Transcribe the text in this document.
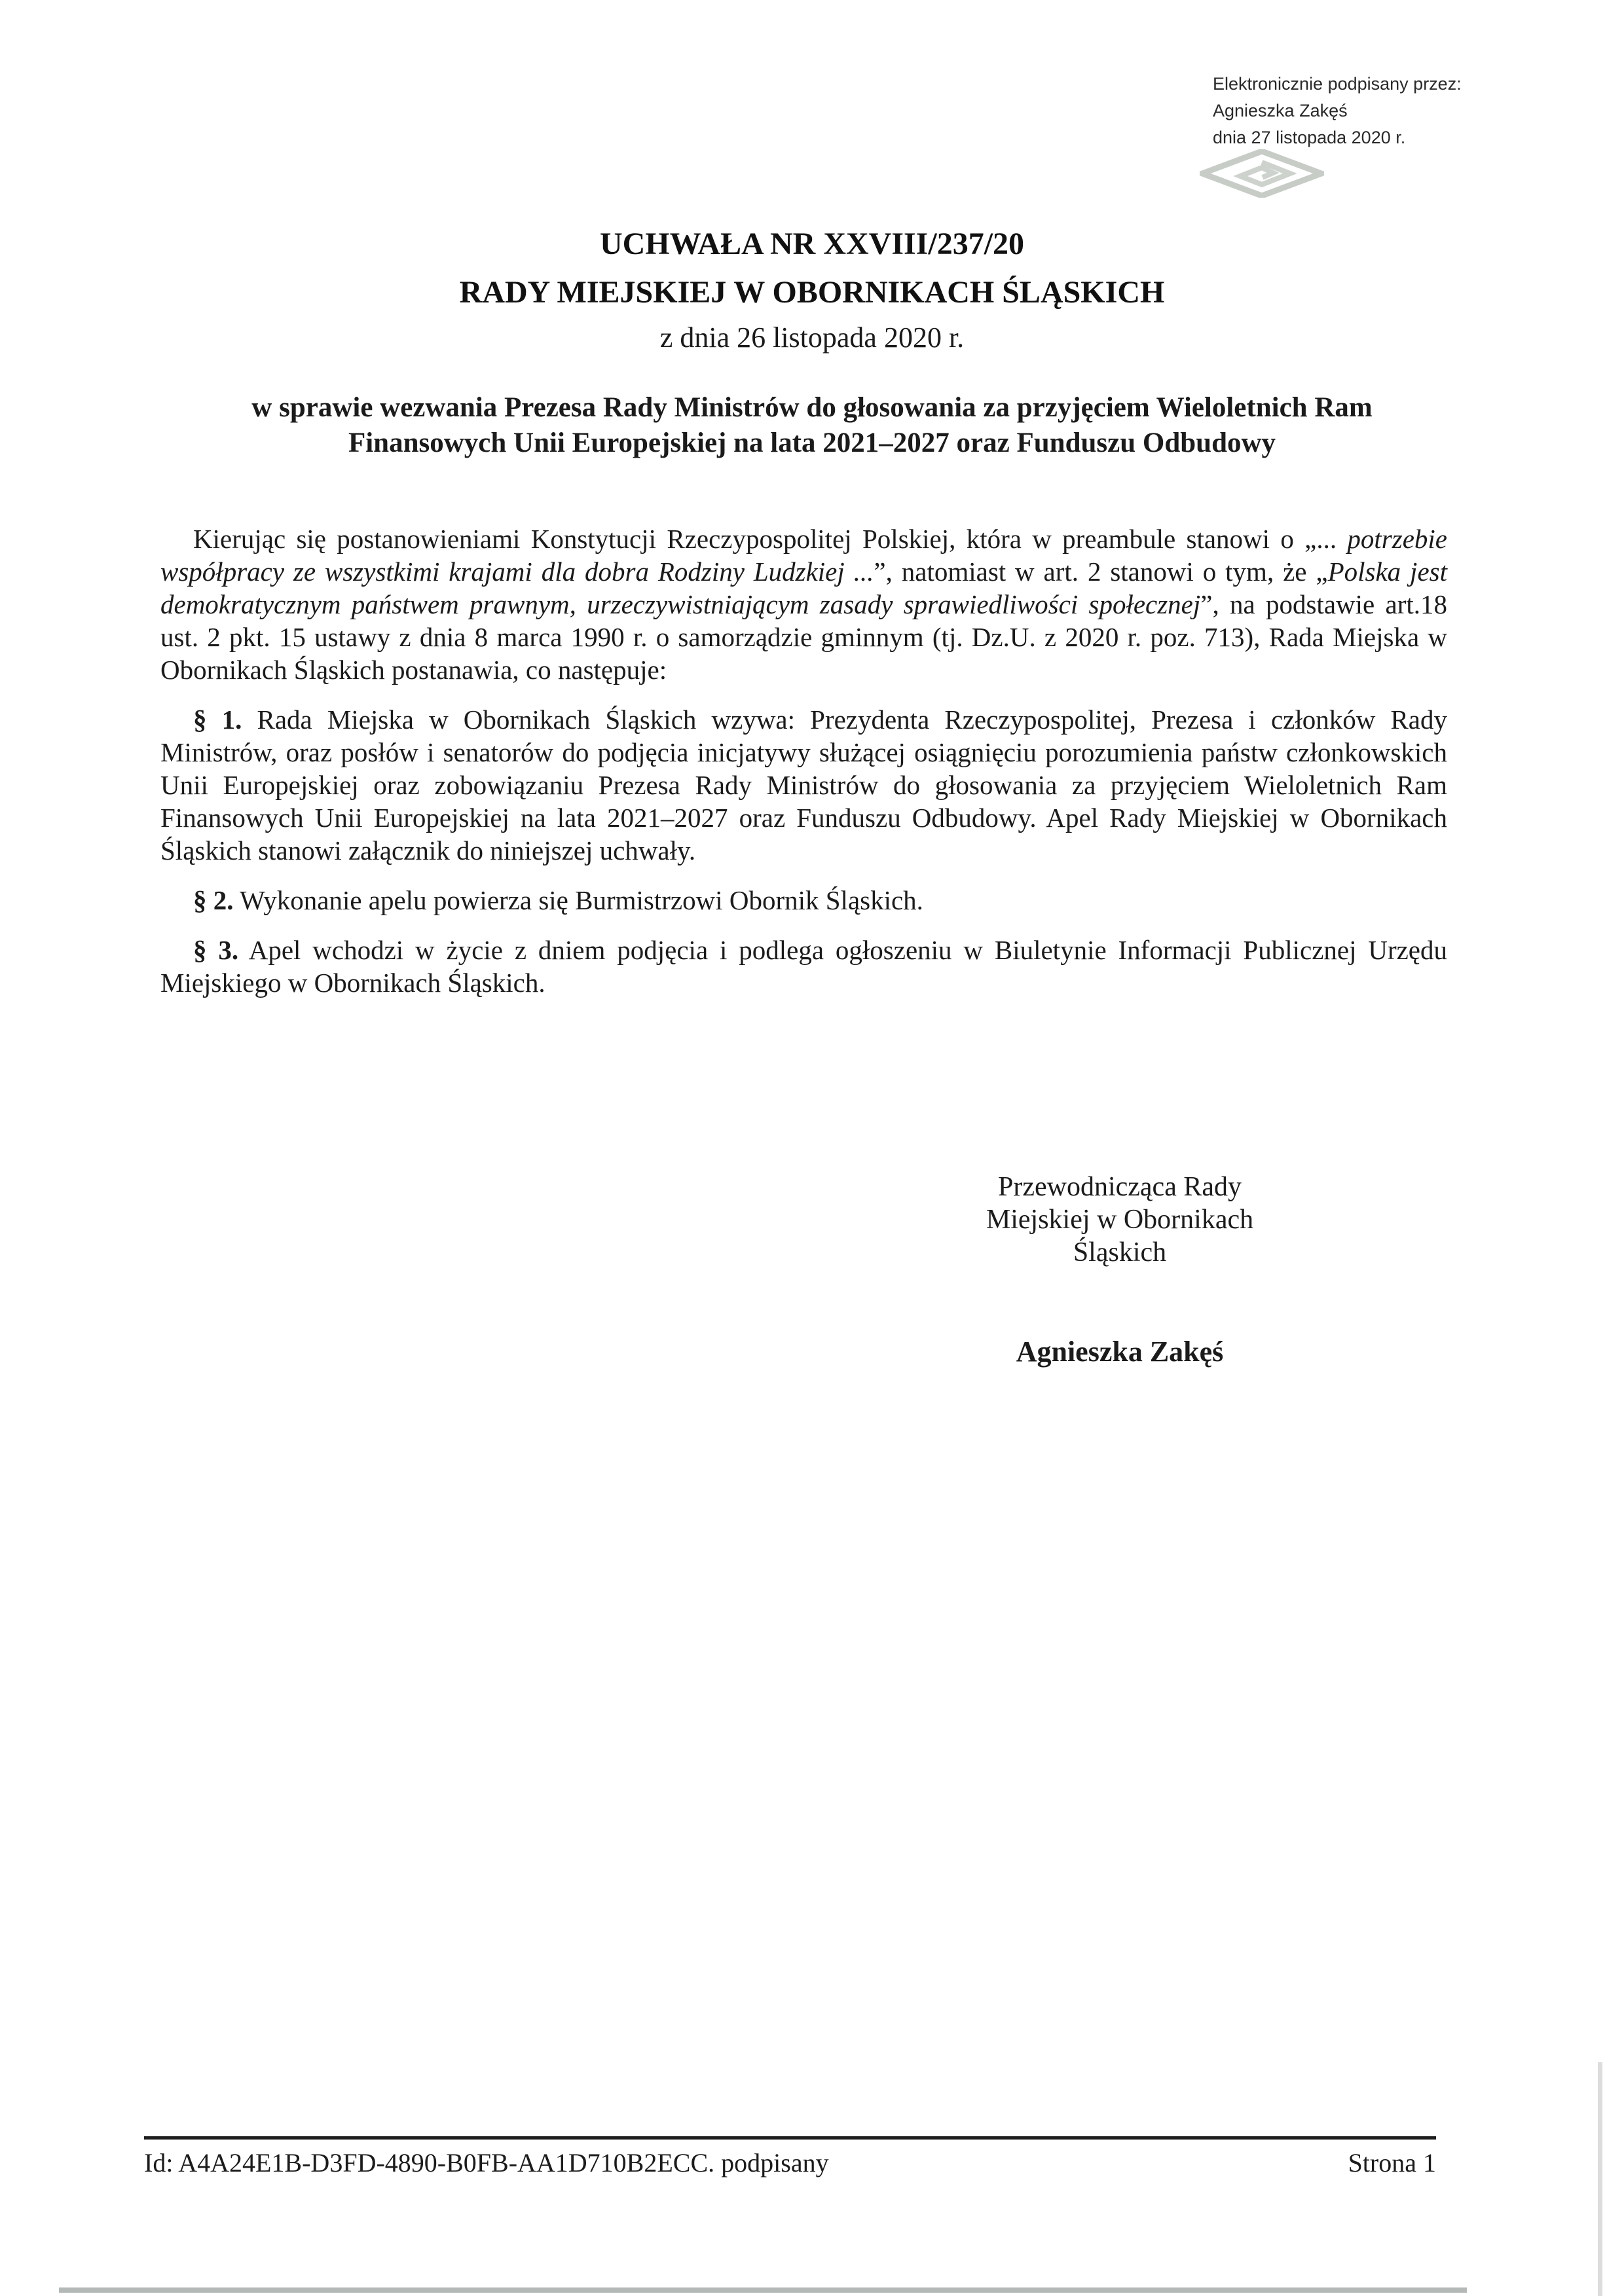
Elektronicznie podpisany przez:
Agnieszka Zakęś
dnia 27 listopada 2020 r.
UCHWAŁA NR XXVIII/237/20
RADY MIEJSKIEJ W OBORNIKACH ŚLĄSKICH
z dnia 26 listopada 2020 r.
w sprawie wezwania Prezesa Rady Ministrów do głosowania za przyjęciem Wieloletnich Ram Finansowych Unii Europejskiej na lata 2021–2027 oraz Funduszu Odbudowy

Kierując się postanowieniami Konstytucji Rzeczypospolitej Polskiej, która w preambule stanowi o „... potrzebie współpracy ze wszystkimi krajami dla dobra Rodziny Ludzkiej ...”, natomiast w art. 2 stanowi o tym, że „Polska jest demokratycznym państwem prawnym, urzeczywistniającym zasady sprawiedliwości społecznej”, na podstawie art.18 ust. 2 pkt. 15 ustawy z dnia 8 marca 1990 r. o samorządzie gminnym (tj. Dz.U. z 2020 r. poz. 713), Rada Miejska w Obornikach Śląskich postanawia, co następuje:

§ 1. Rada Miejska w Obornikach Śląskich wzywa: Prezydenta Rzeczypospolitej, Prezesa i członków Rady Ministrów, oraz posłów i senatorów do podjęcia inicjatywy służącej osiągnięciu porozumienia państw członkowskich Unii Europejskiej oraz zobowiązaniu Prezesa Rady Ministrów do głosowania za przyjęciem Wieloletnich Ram Finansowych Unii Europejskiej na lata 2021–2027 oraz Funduszu Odbudowy. Apel Rady Miejskiej w Obornikach Śląskich stanowi załącznik do niniejszej uchwały.

§ 2. Wykonanie apelu powierza się Burmistrzowi Obornik Śląskich.

§ 3. Apel wchodzi w życie z dniem podjęcia i podlega ogłoszeniu w Biuletynie Informacji Publicznej Urzędu Miejskiego w Obornikach Śląskich.

Przewodnicząca Rady
Miejskiej w Obornikach
Śląskich
Agnieszka Zakęś
Id: A4A24E1B-D3FD-4890-B0FB-AA1D710B2ECC. podpisany	Strona 1
